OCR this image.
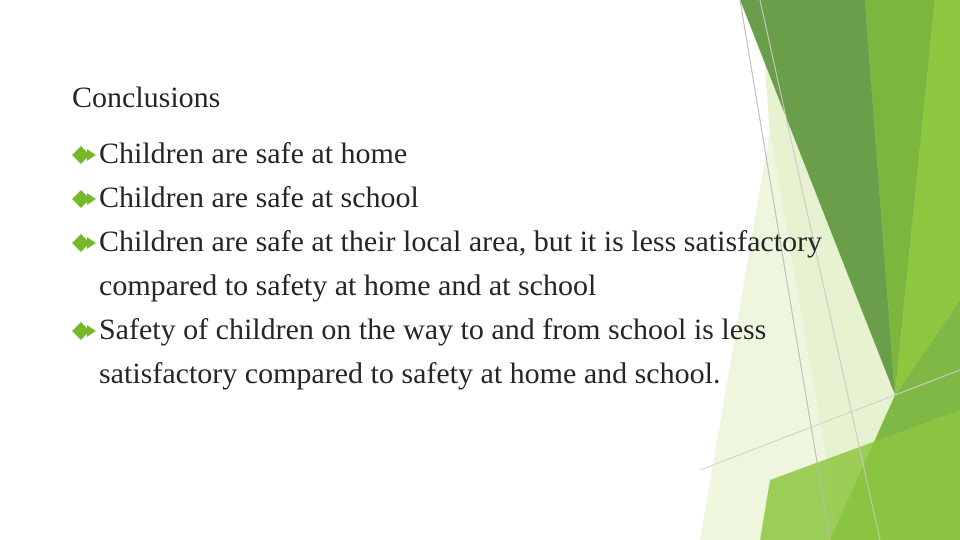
Conclusions
Children are safe at home
Children are safe at school
Children are safe at their local area, but it is less satisfactory compared to safety at home and at school
Safety of children on the way to and from school is less satisfactory compared to safety at home and school.
